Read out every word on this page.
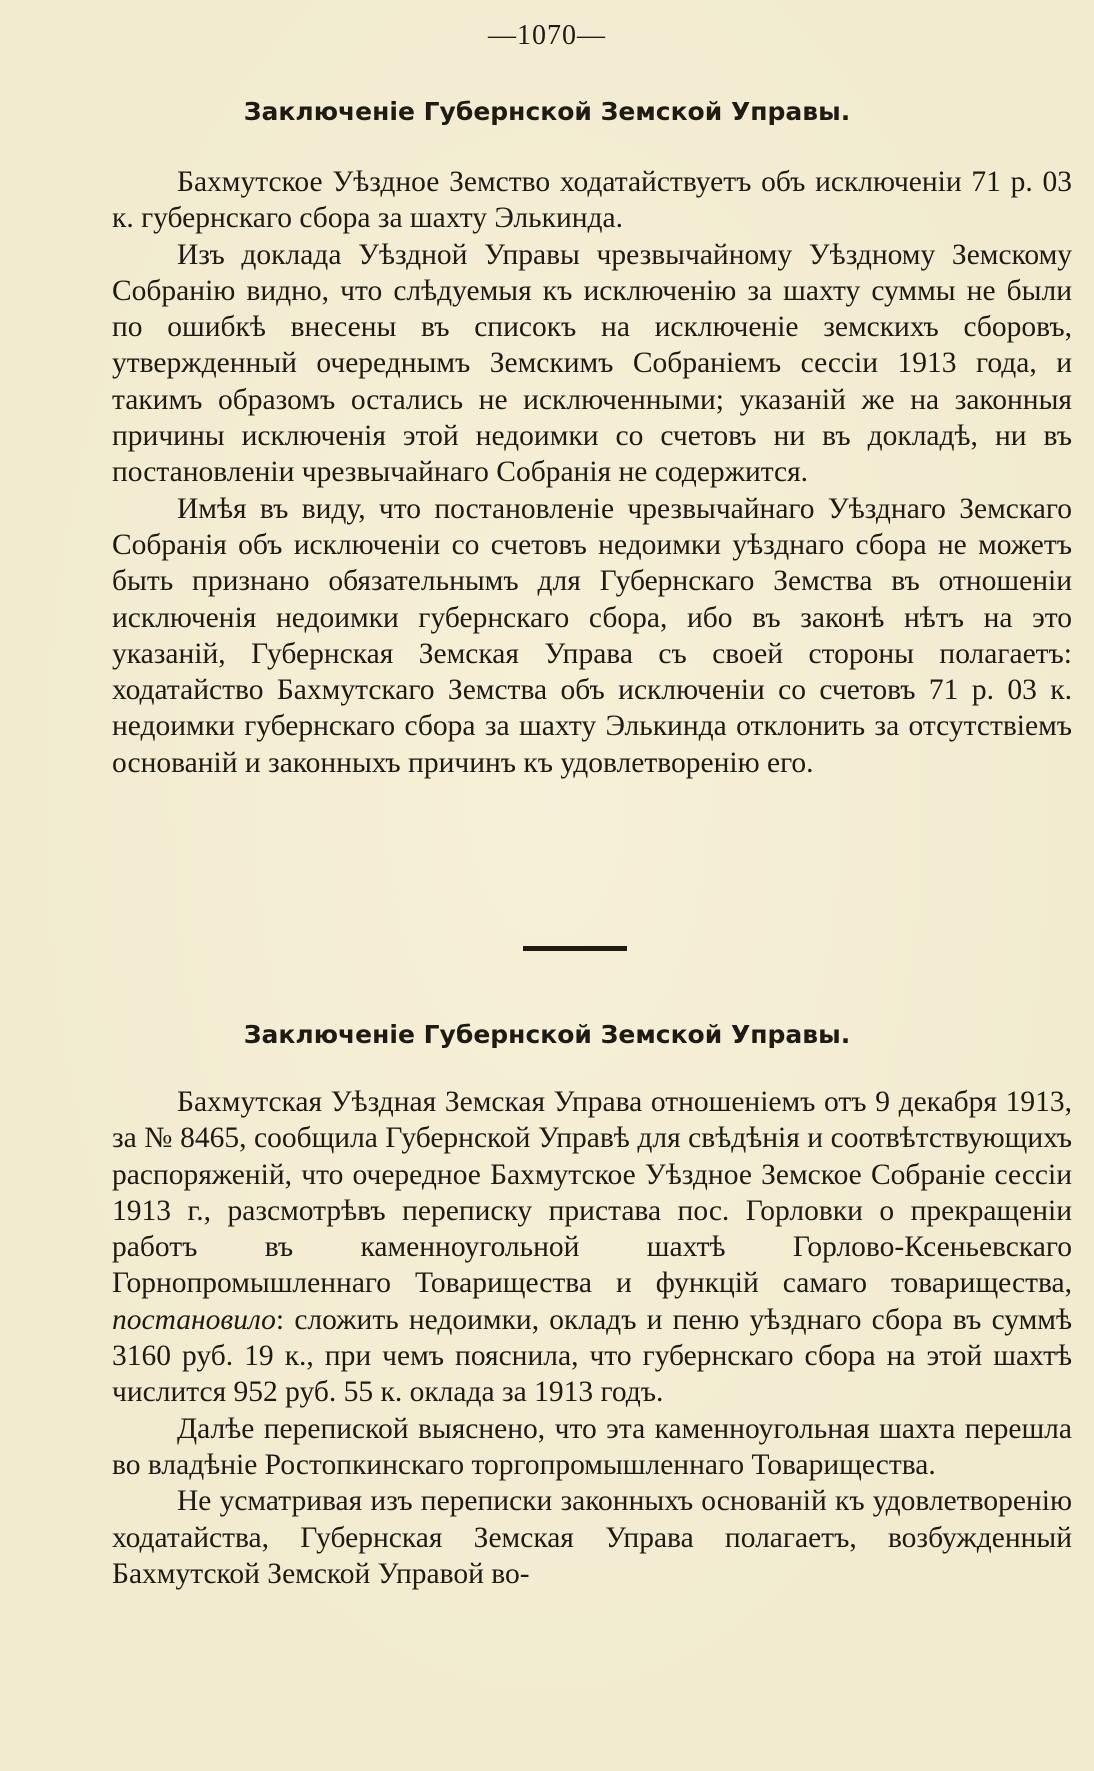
—1070—
Заключенiе Губернской Земской Управы.

Бахмутское Уѣздное Земство ходатайствуетъ объ исключенiи 71 р. 03 к. губернскаго сбора за шахту Элькинда.

Изъ доклада Уѣздной Управы чрезвычайному Уѣздному Земскому Собранiю видно, что слѣдуемыя къ исключенiю за шахту суммы не были по ошибкѣ внесены въ списокъ на исключенiе земскихъ сборовъ, утвержденный очереднымъ Земскимъ Собранiемъ сессiи 1913 года, и такимъ образомъ остались не исключенными; указанiй же на законныя причины исключенiя этой недоимки со счетовъ ни въ докладѣ, ни въ постановленiи чрезвычайнаго Собранiя не содержится.

Имѣя въ виду, что постановленiе чрезвычайнаго Уѣзднаго Земскаго Собранiя объ исключенiи со счетовъ недоимки уѣзднаго сбора не можетъ быть признано обязательнымъ для Губернскаго Земства въ отношенiи исключенiя недоимки губернскаго сбора, ибо въ законѣ нѣтъ на это указанiй, Губернская Земская Управа съ своей стороны полагаетъ: ходатайство Бахмутскаго Земства объ исключенiи со счетовъ 71 р. 03 к. недоимки губернскаго сбора за шахту Элькинда отклонить за отсутствiемъ основанiй и законныхъ причинъ къ удовлетворенiю его.

Заключенiе Губернской Земской Управы.

Бахмутская Уѣздная Земская Управа отношенiемъ отъ 9 декабря 1913, за № 8465, сообщила Губернской Управѣ для свѣдѣнiя и соотвѣтствующихъ распоряженiй, что очередное Бахмутское Уѣздное Земское Собранiе сессiи 1913 г., разсмотрѣвъ переписку пристава пос. Горловки о прекращенiи работъ въ каменноугольной шахтѣ Горлово-Ксеньевскаго Горнопромышленнаго Товарищества и функцiй самаго товарищества, постановило: сложить недоимки, окладъ и пеню уѣзднаго сбора въ суммѣ 3160 руб. 19 к., при чемъ пояснила, что губернскаго сбора на этой шахтѣ числится 952 руб. 55 к. оклада за 1913 годъ.

Далѣе перепиской выяснено, что эта каменноугольная шахта перешла во владѣнiе Ростопкинскаго торгопромышленнаго Товарищества.

Не усматривая изъ переписки законныхъ основанiй къ удовлетворенiю ходатайства, Губернская Земская Управа полагаетъ, возбужденный Бахмутской Земской Управой во-
